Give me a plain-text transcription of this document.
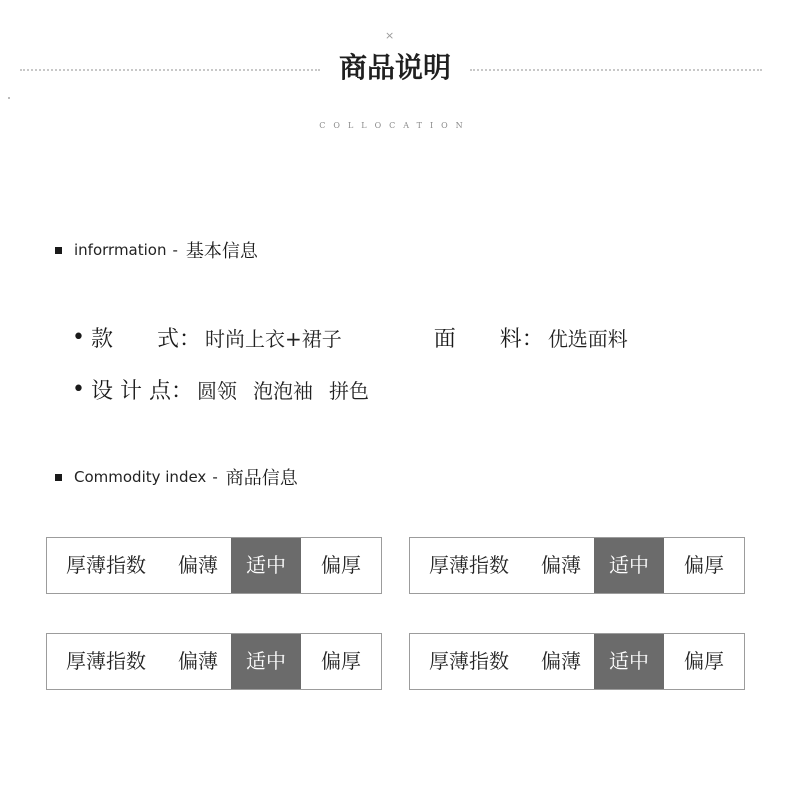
×
商品说明
COLLOCATION
inforrmation - 基本信息
• 款　　式 ： 时尚上衣+裙子	面　　料 ： 优选面料
• 设 计 点 ： 圆领 泡泡袖 拼色
Commodity index - 商品信息
厚薄指数	偏薄	适中	偏厚	厚薄指数	偏薄	适中	偏厚
厚薄指数	偏薄	适中	偏厚	厚薄指数	偏薄	适中	偏厚
